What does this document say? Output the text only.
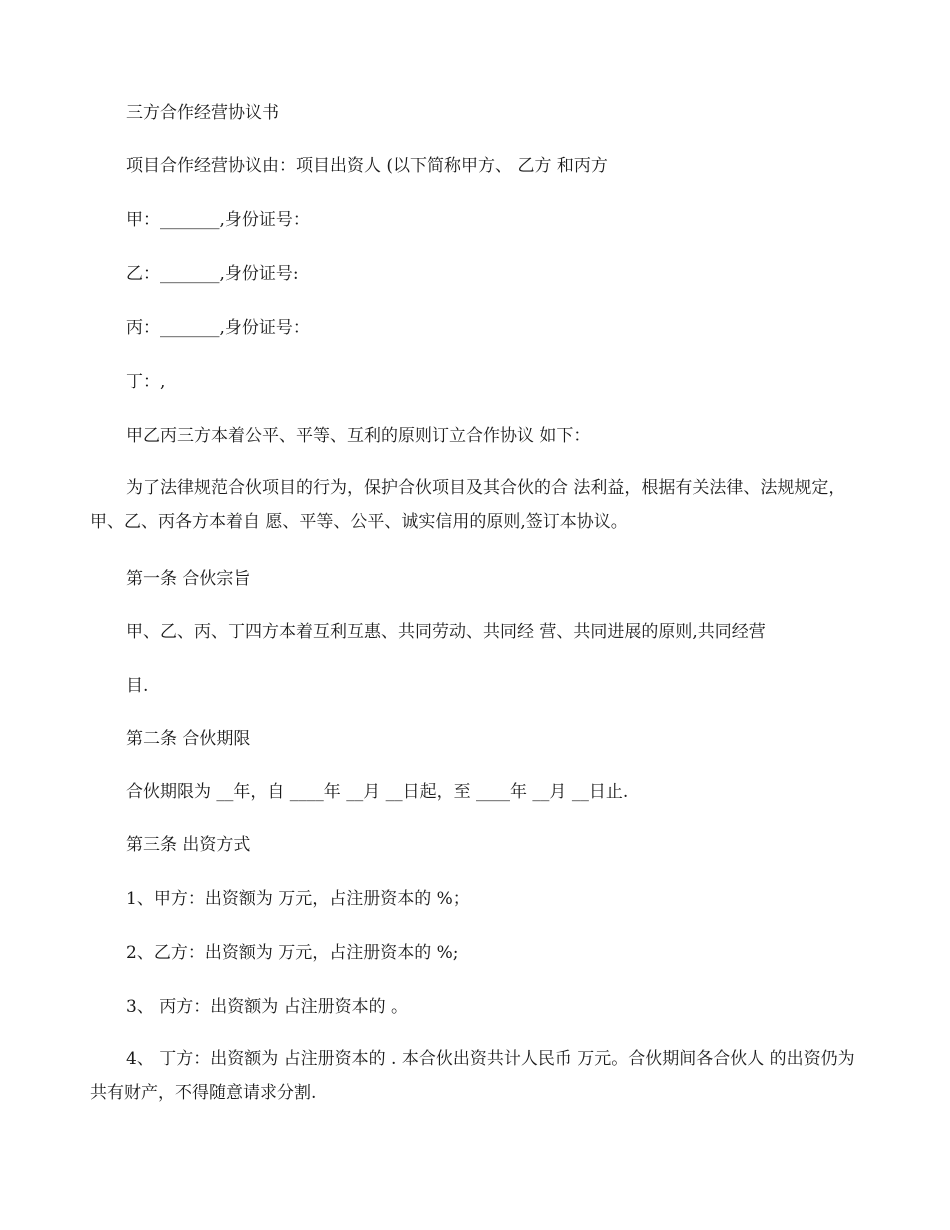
三方合作经营协议书
项目合作经营协议由：项目出资人 (以下简称甲方、 乙方 和丙方
甲：_______,身份证号：
乙：_______,身份证号:
丙：_______,身份证号：
丁：,
甲乙丙三方本着公平、平等、互利的原则订立合作协议 如下：
为了法律规范合伙项目的行为，保护合伙项目及其合伙的合 法利益，根据有关法律、法规规定，甲、乙、丙各方本着自 愿、平等、公平、诚实信用的原则,签订本协议。
第一条 合伙宗旨
甲、乙、丙、丁四方本着互利互惠、共同劳动、共同经 营、共同进展的原则,共同经营
目.
第二条 合伙期限
合伙期限为 __年，自 ____年 __月 __日起，至 ____年 __月 __日止.
第三条 出资方式
1、甲方：出资额为 万元，占注册资本的 %；
2、乙方：出资额为 万元，占注册资本的 %;
3、 丙方：出资额为 占注册资本的 。
4、 丁方：出资额为 占注册资本的 . 本合伙出资共计人民币 万元。合伙期间各合伙人 的出资仍为共有财产，不得随意请求分割.
